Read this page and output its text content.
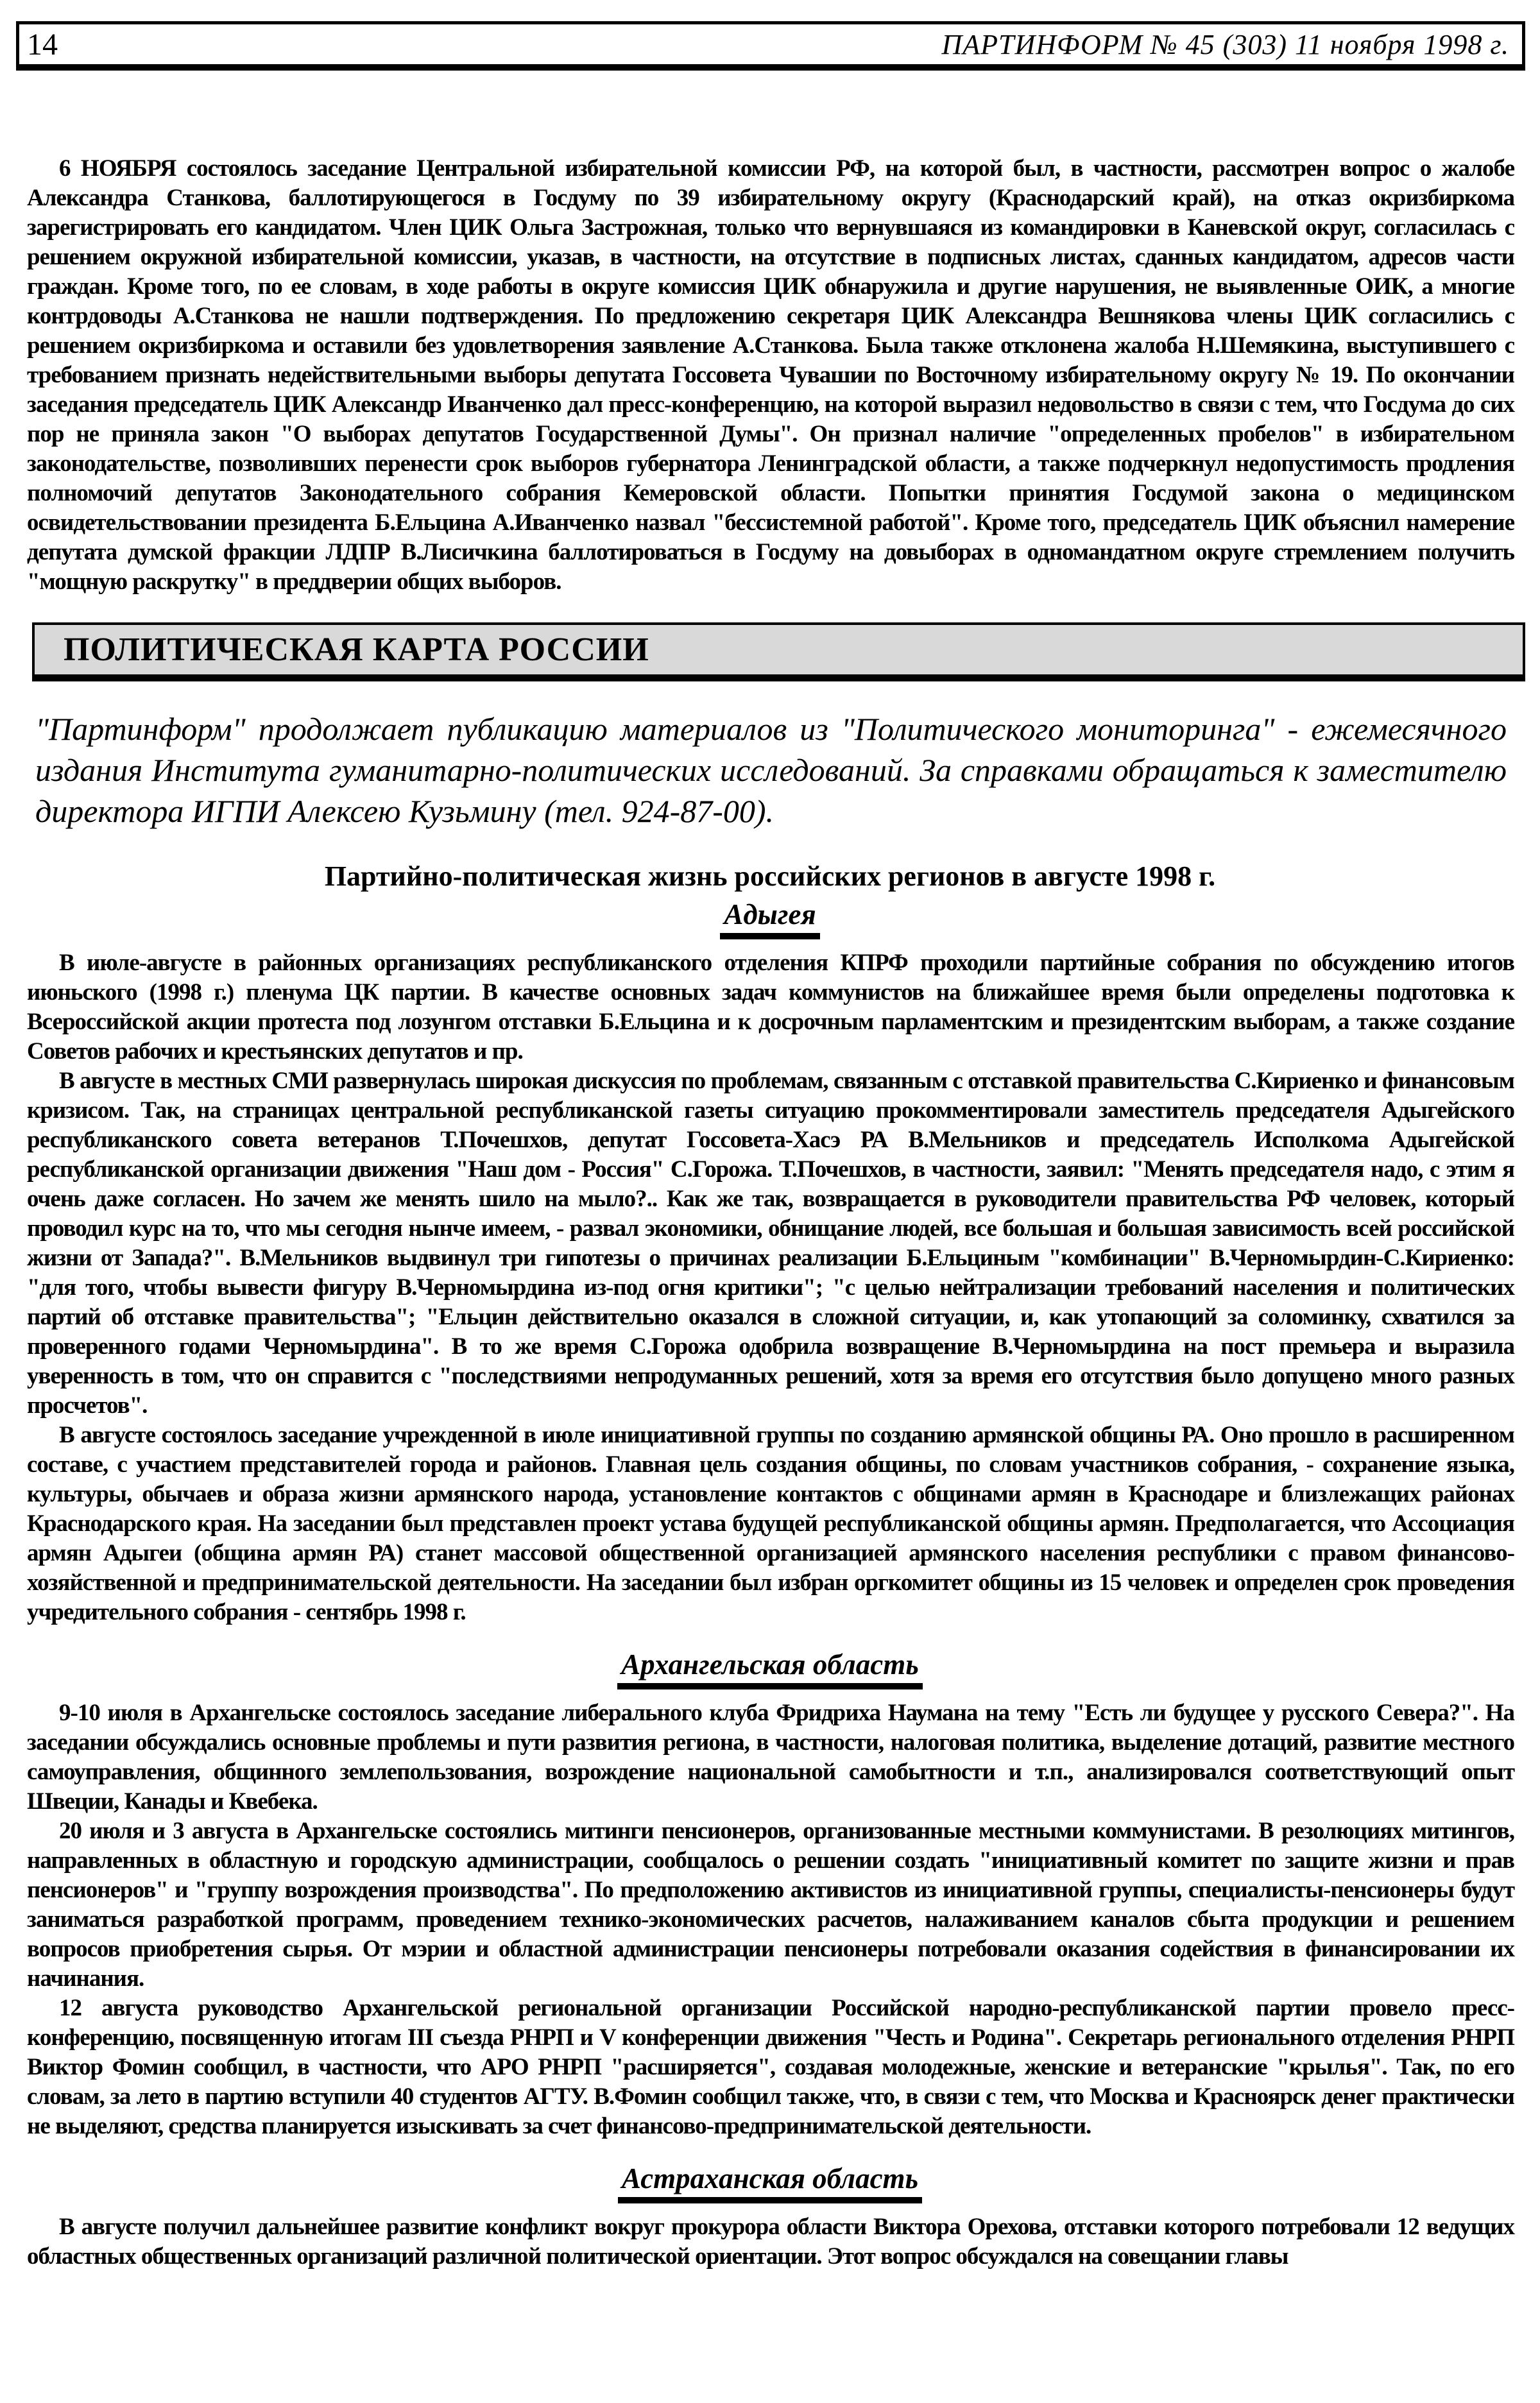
14	ПАРТИНФОРМ № 45 (303) 11 ноября 1998 г.

6 НОЯБРЯ состоялось заседание Центральной избирательной комиссии РФ, на которой был, в частности, рассмотрен вопрос о жалобе Александра Станкова, баллотирующегося в Госдуму по 39 избирательному округу (Краснодарский край), на отказ окризбиркома зарегистрировать его кандидатом. Член ЦИК Ольга Застрожная, только что вернувшаяся из командировки в Каневской округ, согласилась с решением окружной избирательной комиссии, указав, в частности, на отсутствие в подписных листах, сданных кандидатом, адресов части граждан. Кроме того, по ее словам, в ходе работы в округе комиссия ЦИК обнаружила и другие нарушения, не выявленные ОИК, а многие контрдоводы А.Станкова не нашли подтверждения. По предложению секретаря ЦИК Александра Вешнякова члены ЦИК согласились с решением окризбиркома и оставили без удовлетворения заявление А.Станкова. Была также отклонена жалоба Н.Шемякина, выступившего с требованием признать недействительными выборы депутата Госсовета Чувашии по Восточному избирательному округу № 19. По окончании заседания председатель ЦИК Александр Иванченко дал пресс-конференцию, на которой выразил недовольство в связи с тем, что Госдума до сих пор не приняла закон "О выборах депутатов Государственной Думы". Он признал наличие "определенных пробелов" в избирательном законодательстве, позволивших перенести срок выборов губернатора Ленинградской области, а также подчеркнул недопустимость продления полномочий депутатов Законодательного собрания Кемеровской области. Попытки принятия Госдумой закона о медицинском освидетельствовании президента Б.Ельцина А.Иванченко назвал "бессистемной работой". Кроме того, председатель ЦИК объяснил намерение депутата думской фракции ЛДПР В.Лисичкина баллотироваться в Госдуму на довыборах в одномандатном округе стремлением получить "мощную раскрутку" в преддверии общих выборов.

ПОЛИТИЧЕСКАЯ КАРТА РОССИИ

"Партинформ" продолжает публикацию материалов из "Политического мониторинга" - ежемесячного издания Института гуманитарно-политических исследований. За справками обращаться к заместителю директора ИГПИ Алексею Кузьмину (тел. 924-87-00).

Партийно-политическая жизнь российских регионов в августе 1998 г.
Адыгея

В июле-августе в районных организациях республиканского отделения КПРФ проходили партийные собрания по обсуждению итогов июньского (1998 г.) пленума ЦК партии. В качестве основных задач коммунистов на ближайшее время были определены подготовка к Всероссийской акции протеста под лозунгом отставки Б.Ельцина и к досрочным парламентским и президентским выборам, а также создание Советов рабочих и крестьянских депутатов и пр.

В августе в местных СМИ развернулась широкая дискуссия по проблемам, связанным с отставкой правительства С.Кириенко и финансовым кризисом. Так, на страницах центральной республиканской газеты ситуацию прокомментировали заместитель председателя Адыгейского республиканского совета ветеранов Т.Почешхов, депутат Госсовета-Хасэ РА В.Мельников и председатель Исполкома Адыгейской республиканской организации движения "Наш дом - Россия" С.Горожа. Т.Почешхов, в частности, заявил: "Менять председателя надо, с этим я очень даже согласен. Но зачем же менять шило на мыло?.. Как же так, возвращается в руководители правительства РФ человек, который проводил курс на то, что мы сегодня нынче имеем, - развал экономики, обнищание людей, все большая и большая зависимость всей российской жизни от Запада?". В.Мельников выдвинул три гипотезы о причинах реализации Б.Ельциным "комбинации" В.Черномырдин-С.Кириенко: "для того, чтобы вывести фигуру В.Черномырдина из-под огня критики"; "с целью нейтрализации требований населения и политических партий об отставке правительства"; "Ельцин действительно оказался в сложной ситуации, и, как утопающий за соломинку, схватился за проверенного годами Черномырдина". В то же время С.Горожа одобрила возвращение В.Черномырдина на пост премьера и выразила уверенность в том, что он справится с "последствиями непродуманных решений, хотя за время его отсутствия было допущено много разных просчетов".

В августе состоялось заседание учрежденной в июле инициативной группы по созданию армянской общины РА. Оно прошло в расширенном составе, с участием представителей города и районов. Главная цель создания общины, по словам участников собрания, - сохранение языка, культуры, обычаев и образа жизни армянского народа, установление контактов с общинами армян в Краснодаре и близлежащих районах Краснодарского края. На заседании был представлен проект устава будущей республиканской общины армян. Предполагается, что Ассоциация армян Адыгеи (община армян РА) станет массовой общественной организацией армянского населения республики с правом финансово-хозяйственной и предпринимательской деятельности. На заседании был избран оргкомитет общины из 15 человек и определен срок проведения учредительного собрания - сентябрь 1998 г.

Архангельская область

9-10 июля в Архангельске состоялось заседание либерального клуба Фридриха Наумана на тему "Есть ли будущее у русского Севера?". На заседании обсуждались основные проблемы и пути развития региона, в частности, налоговая политика, выделение дотаций, развитие местного самоуправления, общинного землепользования, возрождение национальной самобытности и т.п., анализировался соответствующий опыт Швеции, Канады и Квебека.

20 июля и 3 августа в Архангельске состоялись митинги пенсионеров, организованные местными коммунистами. В резолюциях митингов, направленных в областную и городскую администрации, сообщалось о решении создать "инициативный комитет по защите жизни и прав пенсионеров" и "группу возрождения производства". По предположению активистов из инициативной группы, специалисты-пенсионеры будут заниматься разработкой программ, проведением технико-экономических расчетов, налаживанием каналов сбыта продукции и решением вопросов приобретения сырья. От мэрии и областной администрации пенсионеры потребовали оказания содействия в финансировании их начинания.

12 августа руководство Архангельской региональной организации Российской народно-республиканской партии провело пресс-конференцию, посвященную итогам III съезда РНРП и V конференции движения "Честь и Родина". Секретарь регионального отделения РНРП Виктор Фомин сообщил, в частности, что АРО РНРП "расширяется", создавая молодежные, женские и ветеранские "крылья". Так, по его словам, за лето в партию вступили 40 студентов АГТУ. В.Фомин сообщил также, что, в связи с тем, что Москва и Красноярск денег практически не выделяют, средства планируется изыскивать за счет финансово-предпринимательской деятельности.

Астраханская область

В августе получил дальнейшее развитие конфликт вокруг прокурора области Виктора Орехова, отставки которого потребовали 12 ведущих областных общественных организаций различной политической ориентации. Этот вопрос обсуждался на совещании главы
